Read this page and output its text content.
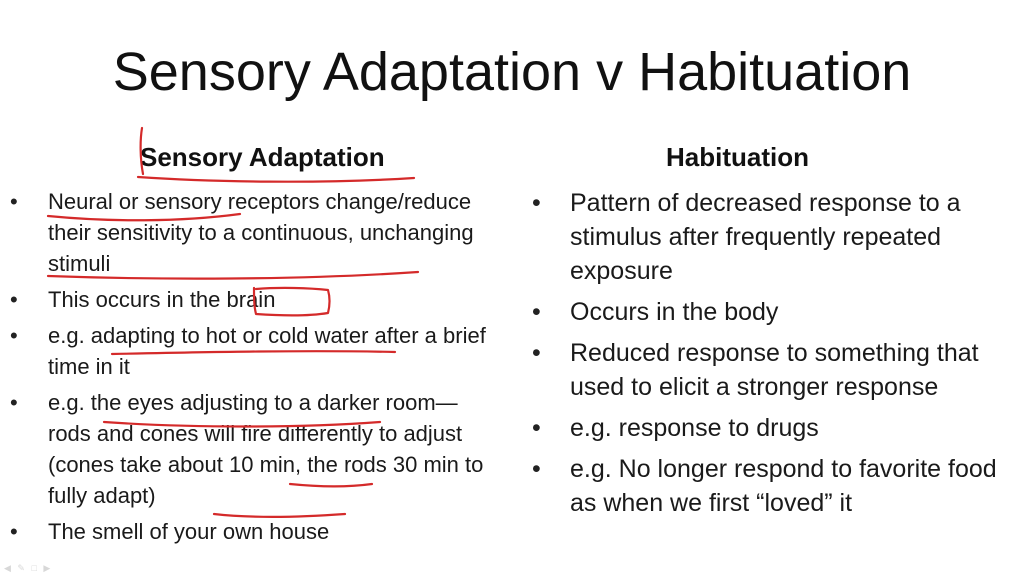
Sensory Adaptation v Habituation
Sensory Adaptation	Habituation
• Neural or sensory receptors change/reduce their sensitivity to a continuous, unchanging stimuli
• This occurs in the brain
• e.g. adapting to hot or cold water after a brief time in it
• e.g. the eyes adjusting to a darker room—rods and cones will fire differently to adjust (cones take about 10 min, the rods 30 min to fully adapt)
• The smell of your own house
• Pattern of decreased response to a stimulus after frequently repeated exposure
• Occurs in the body
• Reduced response to something that used to elicit a stronger response
• e.g. response to drugs
• e.g. No longer respond to favorite food as when we first “loved” it
◀ ✎ □ ▶
